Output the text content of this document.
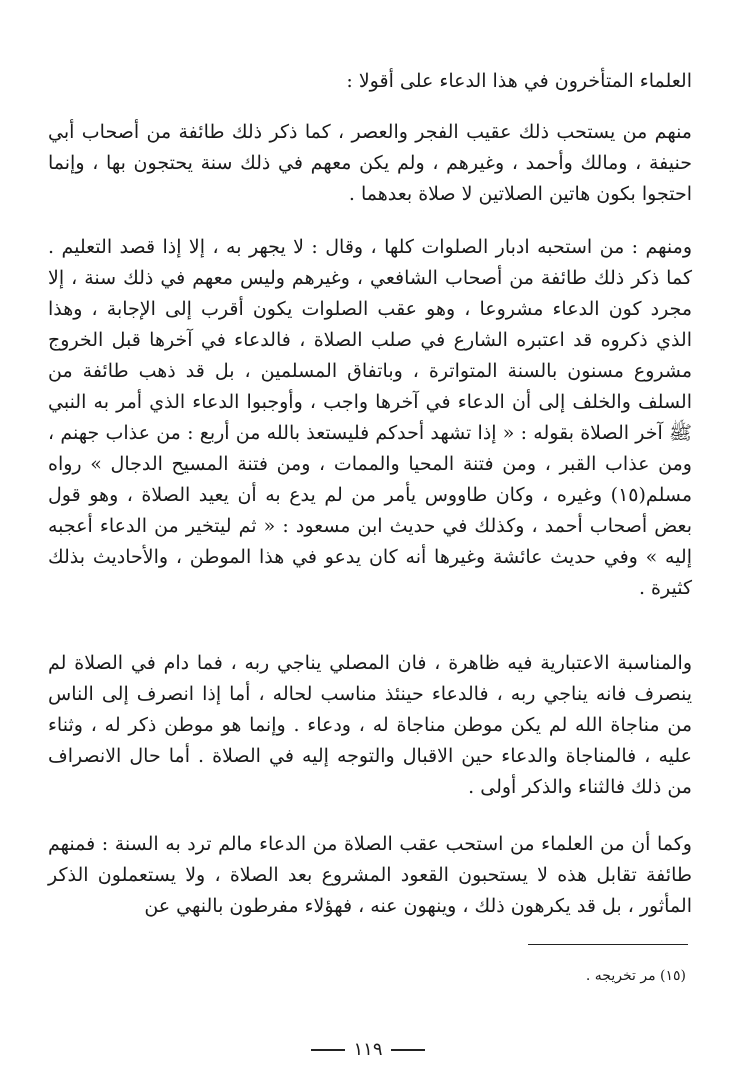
العلماء المتأخرون في هذا الدعاء على أقولا :
منهم من يستحب ذلك عقيب الفجر والعصر ، كما ذكر ذلك طائفة من أصحاب أبي حنيفة ، ومالك وأحمد ، وغيرهم ، ولم يكن معهم في ذلك سنة يحتجون بها ، وإنما احتجوا بكون هاتين الصلاتين لا صلاة بعدهما .
ومنهم : من استحبه ادبار الصلوات كلها ، وقال : لا يجهر به ، إلا إذا قصد التعليم . كما ذكر ذلك طائفة من أصحاب الشافعي ، وغيرهم وليس معهم في ذلك سنة ، إلا مجرد كون الدعاء مشروعا ، وهو عقب الصلوات يكون أقرب إلى الإجابة ، وهذا الذي ذكروه قد اعتبره الشارع في صلب الصلاة ، فالدعاء في آخرها قبل الخروج مشروع مسنون بالسنة المتواترة ، وباتفاق المسلمين ، بل قد ذهب طائفة من السلف والخلف إلى أن الدعاء في آخرها واجب ، وأوجبوا الدعاء الذي أمر به النبي ﷺ آخر الصلاة بقوله : « إذا تشهد أحدكم فليستعذ بالله من أربع : من عذاب جهنم ، ومن عذاب القبر ، ومن فتنة المحيا والممات ، ومن فتنة المسيح الدجال » رواه مسلم(١٥) وغيره ، وكان طاووس يأمر من لم يدع به أن يعيد الصلاة ، وهو قول بعض أصحاب أحمد ، وكذلك في حديث ابن مسعود : « ثم ليتخير من الدعاء أعجبه إليه » وفي حديث عائشة وغيرها أنه كان يدعو في هذا الموطن ، والأحاديث بذلك كثيرة .
والمناسبة الاعتبارية فيه ظاهرة ، فان المصلي يناجي ربه ، فما دام في الصلاة لم ينصرف فانه يناجي ربه ، فالدعاء حينئذ مناسب لحاله ، أما إذا انصرف إلى الناس من مناجاة الله لم يكن موطن مناجاة له ، ودعاء . وإنما هو موطن ذكر له ، وثناء عليه ، فالمناجاة والدعاء حين الاقبال والتوجه إليه في الصلاة . أما حال الانصراف من ذلك فالثناء والذكر أولى .
وكما أن من العلماء من استحب عقب الصلاة من الدعاء مالم ترد به السنة : فمنهم طائفة تقابل هذه لا يستحبون القعود المشروع بعد الصلاة ، ولا يستعملون الذكر المأثور ، بل قد يكرهون ذلك ، وينهون عنه ، فهؤلاء مفرطون بالنهي عن
(١٥) مر تخريجه .
١١٩
